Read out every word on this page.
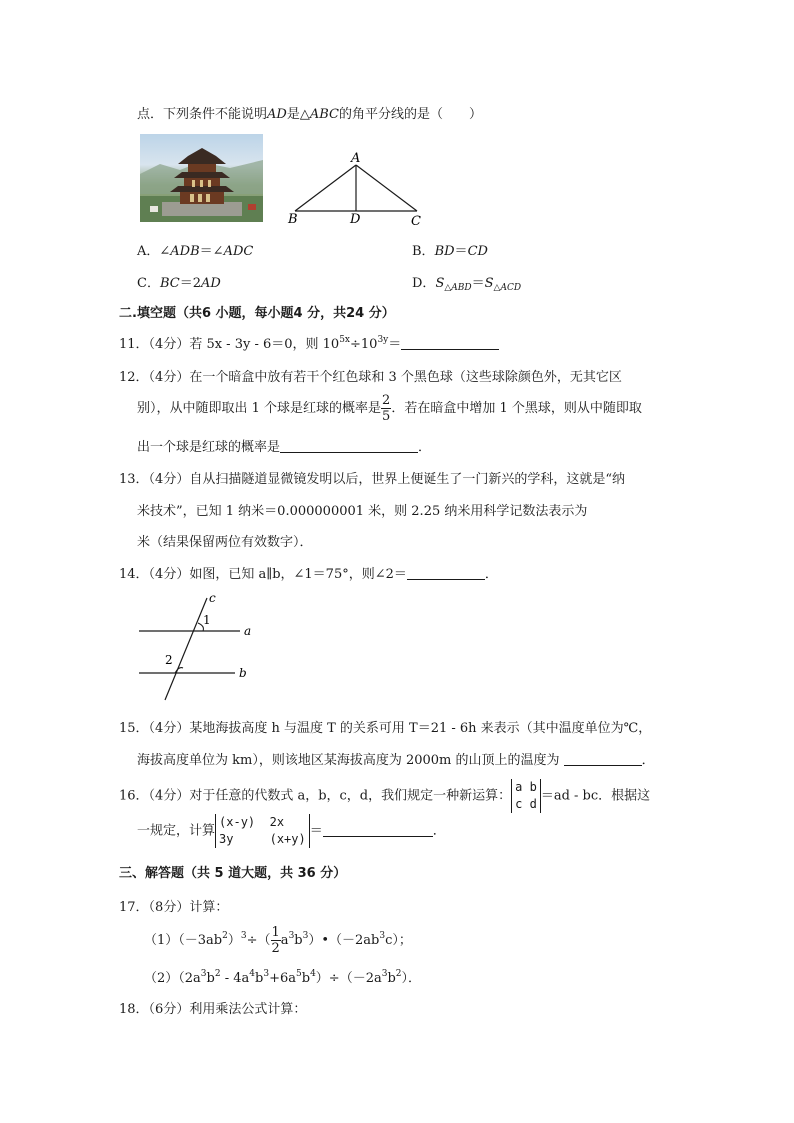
点．下列条件不能说明AD是△ABC的角平分线的是（　　）
A
B	D	C
A．∠ADB＝∠ADC	B．BD＝CD
C．BC＝2AD	D．$S_{\triangle ABD}=S_{\triangle ACD}$
二.填空题（共6 小题，每小题4 分，共24 分）
11．（4分）若 5x - 3y - 6＝0，则 $10^{5x}\div 10^{3y}=$
12．（4分）在一个暗盒中放有若干个红色球和 3 个黑色球（这些球除颜色外，无其它区
别），从中随即取出 1 个球是红球的概率是 $\frac{2}{5}$ ．若在暗盒中增加 1 个黑球，则从中随即取
出一个球是红球的概率是	．
13．（4分）自从扫描隧道显微镜发明以后，世界上便诞生了一门新兴的学科，这就是“纳
米技术”，已知 1 纳米＝0.000000001 米，则 2.25 纳米用科学记数法表示为
米（结果保留两位有效数字）．
14．（4分）如图，已知 a∥b，∠1＝75°，则∠2＝	．
c
a
b
1
2
15．（4分）某地海拔高度 h 与温度 T 的关系可用 T＝21 - 6h 来表示（其中温度单位为℃，
海拔高度单位为 km），则该地区某海拔高度为 2000m 的山顶上的温度为	．
16．（4分）对于任意的代数式 a，b，c，d，我们规定一种新运算：
a b
c d
＝ad - bc．根据这
一规定，计算
(x-y)  2x
3y     (x+y)
＝	．
三、解答题（共 5 道大题，共 36 分）
17．（8分）计算：
$(1)(-3ab^2)^3\div( \frac{1}{2}$ $a^3b^3)•(-2ab^3c)$；
$(2)(2a^3b^2 - 4a^4b^3+6a^5b^4)\div(-2a^3b^2)$．
18．（6分）利用乘法公式计算：
